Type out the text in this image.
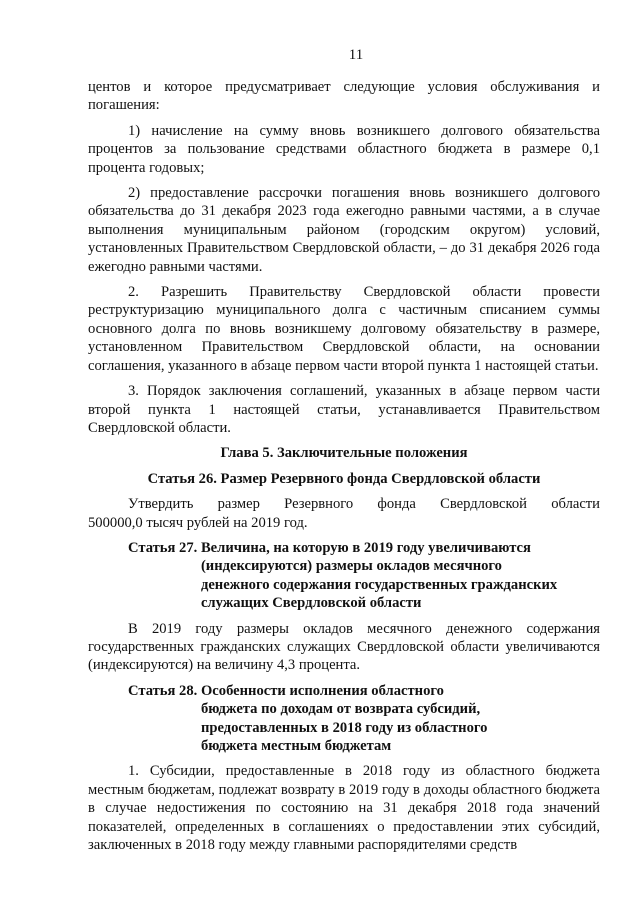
11

центов и которое предусматривает следующие условия обслуживания и погашения:

1) начисление на сумму вновь возникшего долгового обязательства процентов за пользование средствами областного бюджета в размере 0,1 процента годовых;

2) предоставление рассрочки погашения вновь возникшего долгового обязательства до 31 декабря 2023 года ежегодно равными частями, а в случае выполнения муниципальным районом (городским округом) условий, установленных Правительством Свердловской области, – до 31 декабря 2026 года ежегодно равными частями.

2. Разрешить Правительству Свердловской области провести реструктуризацию муниципального долга с частичным списанием суммы основного долга по вновь возникшему долговому обязательству в размере, установленном Правительством Свердловской области, на основании соглашения, указанного в абзаце первом части второй пункта 1 настоящей статьи.

3. Порядок заключения соглашений, указанных в абзаце первом части второй пункта 1 настоящей статьи, устанавливается Правительством Свердловской области.

Глава 5. Заключительные положения
Статья 26. Размер Резервного фонда Свердловской области

Утвердить размер Резервного фонда Свердловской области
500000,0 тысяч рублей на 2019 год.

Статья 27. Величина, на которую в 2019 году увеличиваются (индексируются) размеры окладов месячного денежного содержания государственных гражданских служащих Свердловской области

В 2019 году размеры окладов месячного денежного содержания государственных гражданских служащих Свердловской области увеличиваются (индексируются) на величину 4,3 процента.

Статья 28. Особенности исполнения областного бюджета по доходам от возврата субсидий, предоставленных в 2018 году из областного бюджета местным бюджетам

1. Субсидии, предоставленные в 2018 году из областного бюджета местным бюджетам, подлежат возврату в 2019 году в доходы областного бюджета в случае недостижения по состоянию на 31 декабря 2018 года значений показателей, определенных в соглашениях о предоставлении этих субсидий, заключенных в 2018 году между главными распорядителями средств
